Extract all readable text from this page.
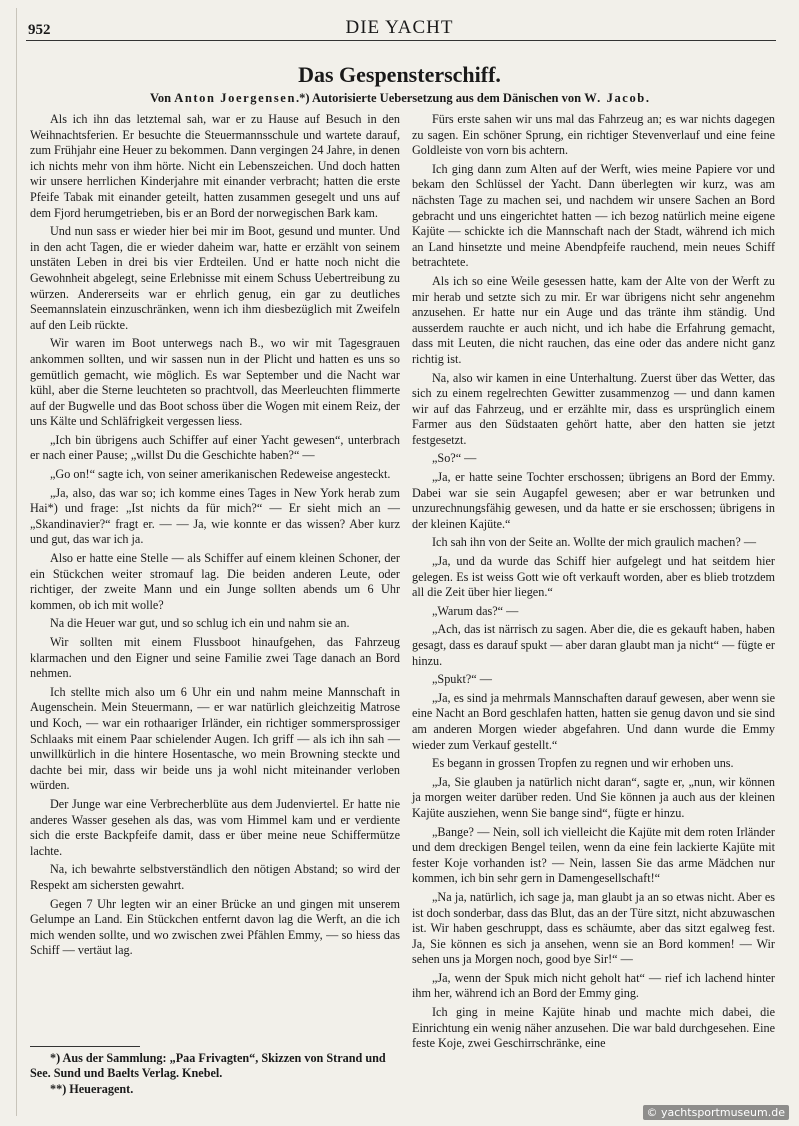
952	DIE YACHT
Das Gespensterschiff.
Von Anton Joergensen.*) Autorisierte Uebersetzung aus dem Dänischen von W. Jacob.

Als ich ihn das letztemal sah, war er zu Hause auf Besuch in den Weihnachtsferien. Er besuchte die Steuermannsschule und wartete darauf, zum Frühjahr eine Heuer zu bekommen. Dann vergingen 24 Jahre, in denen ich nichts mehr von ihm hörte. Nicht ein Lebenszeichen. Und doch hatten wir unsere herrlichen Kinderjahre mit einander verbracht; hatten die erste Pfeife Tabak mit einander geteilt, hatten zusammen gesegelt und uns auf dem Fjord herumgetrieben, bis er an Bord der norwegischen Bark kam.

Und nun sass er wieder hier bei mir im Boot, gesund und munter. Und in den acht Tagen, die er wieder daheim war, hatte er erzählt von seinem unstäten Leben in drei bis vier Erdteilen. Und er hatte noch nicht die Gewohnheit abgelegt, seine Erlebnisse mit einem Schuss Uebertreibung zu würzen. Andererseits war er ehrlich genug, ein gar zu deutliches Seemannslatein einzuschränken, wenn ich ihm diesbezüglich mit Zweifeln auf den Leib rückte.

Wir waren im Boot unterwegs nach B., wo wir mit Tagesgrauen ankommen sollten, und wir sassen nun in der Plicht und hatten es uns so gemütlich gemacht, wie möglich. Es war September und die Nacht war kühl, aber die Sterne leuchteten so prachtvoll, das Meerleuchten flimmerte auf der Bugwelle und das Boot schoss über die Wogen mit einem Reiz, der uns Kälte und Schläfrigkeit vergessen liess.

„Ich bin übrigens auch Schiffer auf einer Yacht gewesen“, unterbrach er nach einer Pause; „willst Du die Geschichte haben?“ —

„Go on!“ sagte ich, von seiner amerikanischen Redeweise angesteckt.

„Ja, also, das war so; ich komme eines Tages in New York herab zum Hai*) und frage: „Ist nichts da für mich?“ — Er sieht mich an — „Skandinavier?“ fragt er. — — Ja, wie konnte er das wissen? Aber kurz und gut, das war ich ja.

Also er hatte eine Stelle — als Schiffer auf einem kleinen Schoner, der ein Stückchen weiter stromauf lag. Die beiden anderen Leute, oder richtiger, der zweite Mann und ein Junge sollten abends um 6 Uhr kommen, ob ich mit wolle?

Na die Heuer war gut, und so schlug ich ein und nahm sie an.

Wir sollten mit einem Flussboot hinaufgehen, das Fahrzeug klarmachen und den Eigner und seine Familie zwei Tage danach an Bord nehmen.

Ich stellte mich also um 6 Uhr ein und nahm meine Mannschaft in Augenschein. Mein Steuermann, — er war natürlich gleichzeitig Matrose und Koch, — war ein rothaariger Irländer, ein richtiger sommersprossiger Schlaaks mit einem Paar schielender Augen. Ich griff — als ich ihn sah — unwillkürlich in die hintere Hosentasche, wo mein Browning steckte und dachte bei mir, dass wir beide uns ja wohl nicht miteinander verloben würden.

Der Junge war eine Verbrecherblüte aus dem Judenviertel. Er hatte nie anderes Wasser gesehen als das, was vom Himmel kam und er verdiente sich die erste Backpfeife damit, dass er über meine neue Schiffermütze lachte.

Na, ich bewahrte selbstverständlich den nötigen Abstand; so wird der Respekt am sichersten gewahrt.

Gegen 7 Uhr legten wir an einer Brücke an und gingen mit unserem Gelumpe an Land. Ein Stückchen entfernt davon lag die Werft, an die ich mich wenden sollte, und wo zwischen zwei Pfählen Emmy, — so hiess das Schiff — vertäut lag.

Fürs erste sahen wir uns mal das Fahrzeug an; es war nichts dagegen zu sagen. Ein schöner Sprung, ein richtiger Stevenverlauf und eine feine Goldleiste von vorn bis achtern.

Ich ging dann zum Alten auf der Werft, wies meine Papiere vor und bekam den Schlüssel der Yacht. Dann überlegten wir kurz, was am nächsten Tage zu machen sei, und nachdem wir unsere Sachen an Bord gebracht und uns eingerichtet hatten — ich bezog natürlich meine eigene Kajüte — schickte ich die Mannschaft nach der Stadt, während ich mich an Land hinsetzte und meine Abendpfeife rauchend, mein neues Schiff betrachtete.

Als ich so eine Weile gesessen hatte, kam der Alte von der Werft zu mir herab und setzte sich zu mir. Er war übrigens nicht sehr angenehm anzusehen. Er hatte nur ein Auge und das tränte ihm ständig. Und ausserdem rauchte er auch nicht, und ich habe die Erfahrung gemacht, dass mit Leuten, die nicht rauchen, das eine oder das andere nicht ganz richtig ist.

Na, also wir kamen in eine Unterhaltung. Zuerst über das Wetter, das sich zu einem regelrechten Gewitter zusammenzog — und dann kamen wir auf das Fahrzeug, und er erzählte mir, dass es ursprünglich einem Farmer aus den Südstaaten gehört hatte, aber den hatten sie jetzt festgesetzt.

„So?“ —

„Ja, er hatte seine Tochter erschossen; übrigens an Bord der Emmy. Dabei war sie sein Augapfel gewesen; aber er war betrunken und unzurechnungsfähig gewesen, und da hatte er sie erschossen; übrigens in der kleinen Kajüte.“

Ich sah ihn von der Seite an. Wollte der mich graulich machen? —

„Ja, und da wurde das Schiff hier aufgelegt und hat seitdem hier gelegen. Es ist weiss Gott wie oft verkauft worden, aber es blieb trotzdem all die Zeit über hier liegen.“

„Warum das?“ —

„Ach, das ist närrisch zu sagen. Aber die, die es gekauft haben, haben gesagt, dass es darauf spukt — aber daran glaubt man ja nicht“ — fügte er hinzu.

„Spukt?“ —

„Ja, es sind ja mehrmals Mannschaften darauf gewesen, aber wenn sie eine Nacht an Bord geschlafen hatten, hatten sie genug davon und sie sind am anderen Morgen wieder abgefahren. Und dann wurde die Emmy wieder zum Verkauf gestellt.“

Es begann in grossen Tropfen zu regnen und wir erhoben uns.

„Ja, Sie glauben ja natürlich nicht daran“, sagte er, „nun, wir können ja morgen weiter darüber reden. Und Sie können ja auch aus der kleinen Kajüte ausziehen, wenn Sie bange sind“, fügte er hinzu.

„Bange? — Nein, soll ich vielleicht die Kajüte mit dem roten Irländer und dem dreckigen Bengel teilen, wenn da eine fein lackierte Kajüte mit fester Koje vorhanden ist? — Nein, lassen Sie das arme Mädchen nur kommen, ich bin sehr gern in Damengesellschaft!“

„Na ja, natürlich, ich sage ja, man glaubt ja an so etwas nicht. Aber es ist doch sonderbar, dass das Blut, das an der Türe sitzt, nicht abzuwaschen ist. Wir haben geschruppt, dass es schäumte, aber das sitzt egalweg fest. Ja, Sie können es sich ja ansehen, wenn sie an Bord kommen! — Wir sehen uns ja Morgen noch, good bye Sir!“ —

„Ja, wenn der Spuk mich nicht geholt hat“ — rief ich lachend hinter ihm her, während ich an Bord der Emmy ging.

Ich ging in meine Kajüte hinab und machte mich dabei, die Einrichtung ein wenig näher anzusehen. Die war bald durchgesehen. Eine feste Koje, zwei Geschirrschränke, eine

*) Aus der Sammlung: „Paa Frivagten“, Skizzen von Strand und See. Sund und Baelts Verlag. Knebel.

**) Heueragent.

© yachtsportmuseum.de
